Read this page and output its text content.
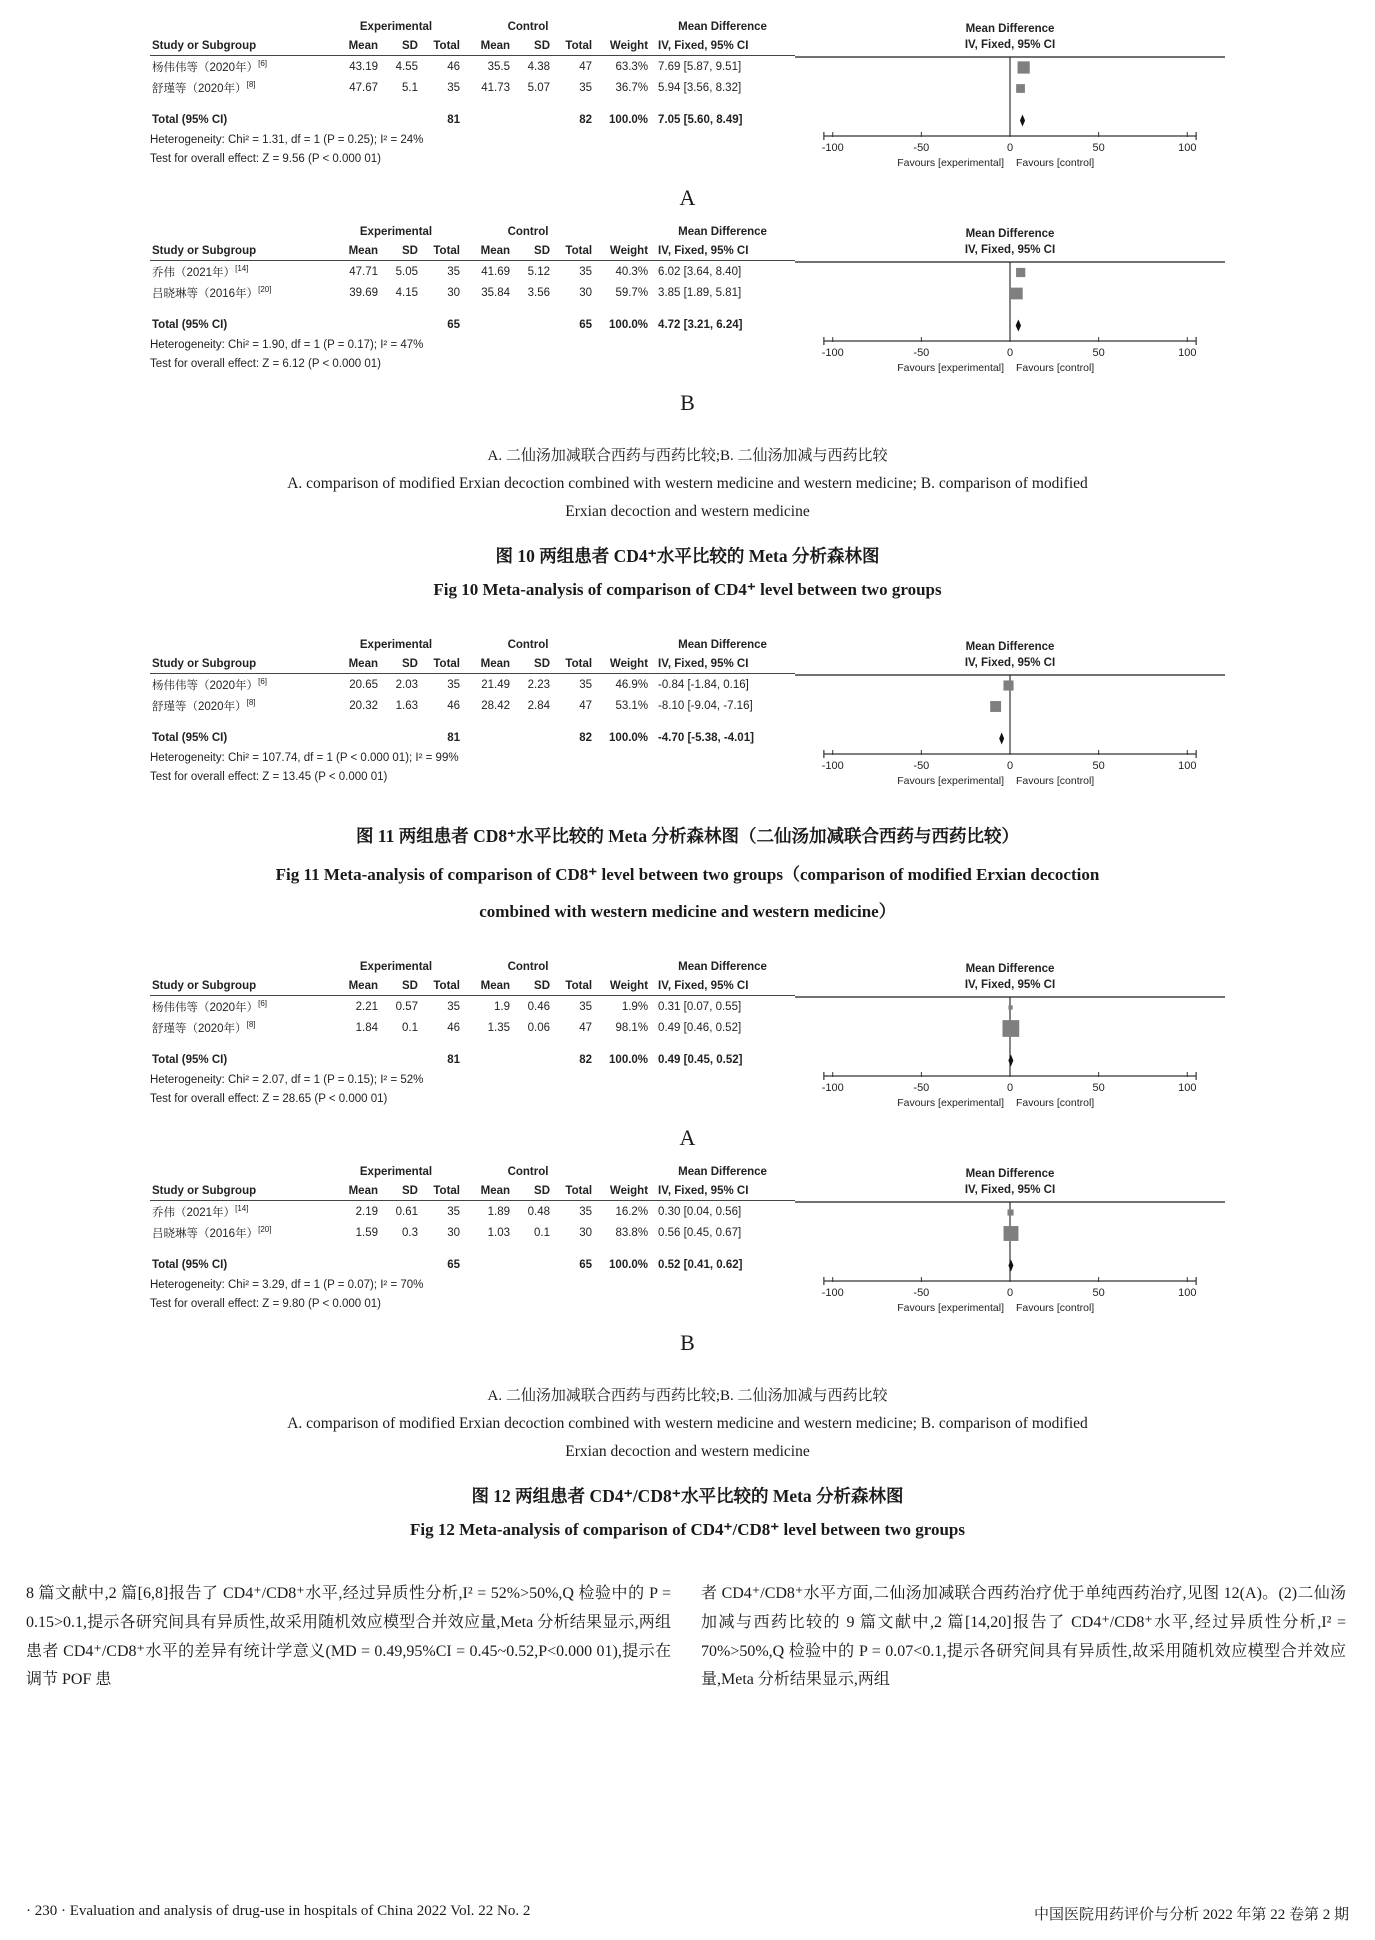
	Experimental			Control				Mean Difference
Study or Subgroup	Mean	SD	Total	Mean	SD	Total	Weight	IV, Fixed, 95% CI
杨伟伟等（2020年）[6]	43.19	4.55	46	35.5	4.38	47	63.3%	7.69 [5.87, 9.51]
舒瑾等（2020年）[8]	47.67	5.1	35	41.73	5.07	35	36.7%	5.94 [3.56, 8.32]

Total (95% CI)			81			82	100.0%	7.05 [5.60, 8.49]
Heterogeneity: Chi² = 1.31, df = 1 (P = 0.25); I² = 24%
Test for overall effect: Z = 9.56 (P < 0.000 01)
Mean Difference
IV, Fixed, 95% CI
-100	-50	0	50	100
Favours [experimental] Favours [control]
A
	Experimental			Control				Mean Difference
Study or Subgroup	Mean	SD	Total	Mean	SD	Total	Weight	IV, Fixed, 95% CI
乔伟（2021年）[14]	47.71	5.05	35	41.69	5.12	35	40.3%	6.02 [3.64, 8.40]
吕晓琳等（2016年）[20]	39.69	4.15	30	35.84	3.56	30	59.7%	3.85 [1.89, 5.81]

Total (95% CI)			65			65	100.0%	4.72 [3.21, 6.24]
Heterogeneity: Chi² = 1.90, df = 1 (P = 0.17); I² = 47%
Test for overall effect: Z = 6.12 (P < 0.000 01)
Mean Difference
IV, Fixed, 95% CI
-100	-50	0	50	100
Favours [experimental] Favours [control]
B
A. 二仙汤加减联合西药与西药比较;B. 二仙汤加减与西药比较
A. comparison of modified Erxian decoction combined with western medicine and western medicine; B. comparison of modified
Erxian decoction and western medicine
图 10 两组患者 CD4⁺水平比较的 Meta 分析森林图
Fig 10 Meta-analysis of comparison of CD4⁺ level between two groups
	Experimental			Control				Mean Difference
Study or Subgroup	Mean	SD	Total	Mean	SD	Total	Weight	IV, Fixed, 95% CI
杨伟伟等（2020年）[6]	20.65	2.03	35	21.49	2.23	35	46.9%	-0.84 [-1.84, 0.16]
舒瑾等（2020年）[8]	20.32	1.63	46	28.42	2.84	47	53.1%	-8.10 [-9.04, -7.16]

Total (95% CI)			81			82	100.0%	-4.70 [-5.38, -4.01]
Heterogeneity: Chi² = 107.74, df = 1 (P < 0.000 01); I² = 99%
Test for overall effect: Z = 13.45 (P < 0.000 01)
Mean Difference
IV, Fixed, 95% CI
-100	-50	0	50	100
Favours [experimental] Favours [control]
图 11 两组患者 CD8⁺水平比较的 Meta 分析森林图（二仙汤加减联合西药与西药比较）
Fig 11 Meta-analysis of comparison of CD8⁺ level between two groups（comparison of modified Erxian decoction
combined with western medicine and western medicine）
	Experimental			Control				Mean Difference
Study or Subgroup	Mean	SD	Total	Mean	SD	Total	Weight	IV, Fixed, 95% CI
杨伟伟等（2020年）[6]	2.21	0.57	35	1.9	0.46	35	1.9%	0.31 [0.07, 0.55]
舒瑾等（2020年）[8]	1.84	0.1	46	1.35	0.06	47	98.1%	0.49 [0.46, 0.52]

Total (95% CI)			81			82	100.0%	0.49 [0.45, 0.52]
Heterogeneity: Chi² = 2.07, df = 1 (P = 0.15); I² = 52%
Test for overall effect: Z = 28.65 (P < 0.000 01)
Mean Difference
IV, Fixed, 95% CI
-100	-50	0	50	100
Favours [experimental] Favours [control]
A
	Experimental			Control				Mean Difference
Study or Subgroup	Mean	SD	Total	Mean	SD	Total	Weight	IV, Fixed, 95% CI
乔伟（2021年）[14]	2.19	0.61	35	1.89	0.48	35	16.2%	0.30 [0.04, 0.56]
吕晓琳等（2016年）[20]	1.59	0.3	30	1.03	0.1	30	83.8%	0.56 [0.45, 0.67]

Total (95% CI)			65			65	100.0%	0.52 [0.41, 0.62]
Heterogeneity: Chi² = 3.29, df = 1 (P = 0.07); I² = 70%
Test for overall effect: Z = 9.80 (P < 0.000 01)
Mean Difference
IV, Fixed, 95% CI
-100	-50	0	50	100
Favours [experimental] Favours [control]
B
A. 二仙汤加减联合西药与西药比较;B. 二仙汤加减与西药比较
A. comparison of modified Erxian decoction combined with western medicine and western medicine; B. comparison of modified
Erxian decoction and western medicine
图 12 两组患者 CD4⁺/CD8⁺水平比较的 Meta 分析森林图
Fig 12 Meta-analysis of comparison of CD4⁺/CD8⁺ level between two groups
8 篇文献中,2 篇[6,8]报告了 CD4⁺/CD8⁺水平,经过异质性分析,I² = 52%>50%,Q 检验中的 P = 0.15>0.1,提示各研究间具有异质性,故采用随机效应模型合并效应量,Meta 分析结果显示,两组患者 CD4⁺/CD8⁺水平的差异有统计学意义(MD = 0.49,95%CI = 0.45~0.52,P<0.000 01),提示在调节 POF 患
者 CD4⁺/CD8⁺水平方面,二仙汤加减联合西药治疗优于单纯西药治疗,见图 12(A)。(2)二仙汤加减与西药比较的 9 篇文献中,2 篇[14,20]报告了 CD4⁺/CD8⁺水平,经过异质性分析,I² = 70%>50%,Q 检验中的 P = 0.07<0.1,提示各研究间具有异质性,故采用随机效应模型合并效应量,Meta 分析结果显示,两组
· 230 · Evaluation and analysis of drug-use in hospitals of China 2022 Vol. 22 No. 2	中国医院用药评价与分析 2022 年第 22 卷第 2 期
